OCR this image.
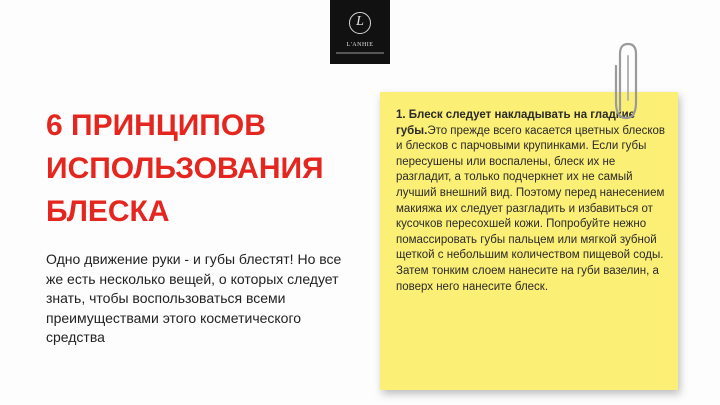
L
L'ANHIE
6 ПРИНЦИПОВ
ИСПОЛЬЗОВАНИЯ
БЛЕСКА
Одно движение руки - и губы блестят! Но все же есть несколько вещей, о которых следует знать, чтобы воспользоваться всеми преимуществами этого косметического средства
1. Блеск следует накладывать на гладкие губы.Это прежде всего касается цветных блесков и блесков с парчовыми крупинками. Если губы пересушены или воспалены, блеск их не разгладит, а только подчеркнет их не самый лучший внешний вид. Поэтому перед нанесением макияжа их следует разгладить и избавиться от кусочков пересохшей кожи. Попробуйте нежно помассировать губы пальцем или мягкой зубной щеткой с небольшим количеством пищевой соды. Затем тонким слоем нанесите на губи вазелин, а поверх него нанесите блеск.
